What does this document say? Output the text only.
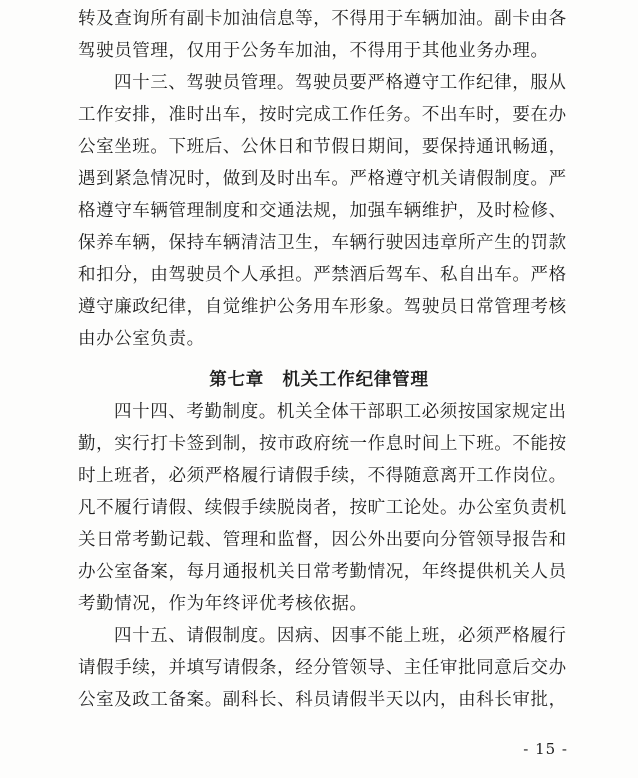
转及查询所有副卡加油信息等，不得用于车辆加油。副卡由各
驾驶员管理，仅用于公务车加油，不得用于其他业务办理。
四十三、驾驶员管理。驾驶员要严格遵守工作纪律，服从
工作安排，准时出车，按时完成工作任务。不出车时，要在办
公室坐班。下班后、公休日和节假日期间，要保持通讯畅通，
遇到紧急情况时，做到及时出车。严格遵守机关请假制度。严
格遵守车辆管理制度和交通法规，加强车辆维护，及时检修、
保养车辆，保持车辆清洁卫生，车辆行驶因违章所产生的罚款
和扣分，由驾驶员个人承担。严禁酒后驾车、私自出车。严格
遵守廉政纪律，自觉维护公务用车形象。驾驶员日常管理考核
由办公室负责。
第七章　机关工作纪律管理
四十四、考勤制度。机关全体干部职工必须按国家规定出
勤，实行打卡签到制，按市政府统一作息时间上下班。不能按
时上班者，必须严格履行请假手续，不得随意离开工作岗位。
凡不履行请假、续假手续脱岗者，按旷工论处。办公室负责机
关日常考勤记载、管理和监督，因公外出要向分管领导报告和
办公室备案，每月通报机关日常考勤情况，年终提供机关人员
考勤情况，作为年终评优考核依据。
四十五、请假制度。因病、因事不能上班，必须严格履行
请假手续，并填写请假条，经分管领导、主任审批同意后交办
公室及政工备案。副科长、科员请假半天以内，由科长审批，
- 15 -
